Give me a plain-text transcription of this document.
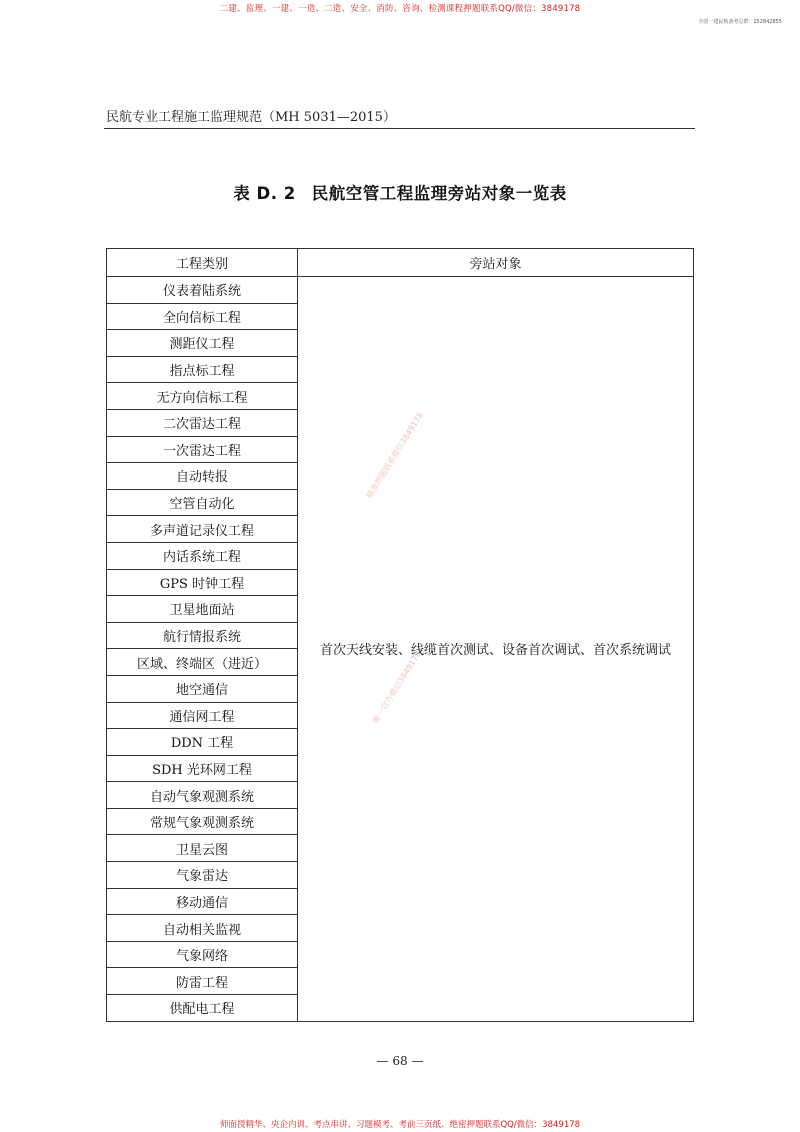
二建、监理、一建、一造、二造、安全、消防、咨询、检测课程押题联系QQ/微信：3849178
全国一建民航备考总群：152842855
民航专业工程施工监理规范（MH 5031—2015）
表 D. 2 民航空管工程监理旁站对象一览表
工程类别	旁站对象
仪表着陆系统	首次天线安装、线缆首次测试、设备首次调试、首次系统调试
全向信标工程	
测距仪工程	
指点标工程	
无方向信标工程	
二次雷达工程	
一次雷达工程	
自动转报	
空管自动化	
多声道记录仪工程	
内话系统工程	
GPS 时钟工程	
卫星地面站	
航行情报系统	
区域、终端区（进近）	
地空通信	
通信网工程	
DDN 工程	
SDH 光环网工程	
自动气象观测系统	
常规气象观测系统	
卫星云图	
气象雷达	
移动通信	
自动相关监视	
气象网络	
防雷工程	
供配电工程	
精准押题联系微信3849178
唯一官方微信3849178
— 68 —
师面授精华、央企内训、考点串讲、习题模考、考前三页纸、绝密押题联系QQ/微信：3849178
